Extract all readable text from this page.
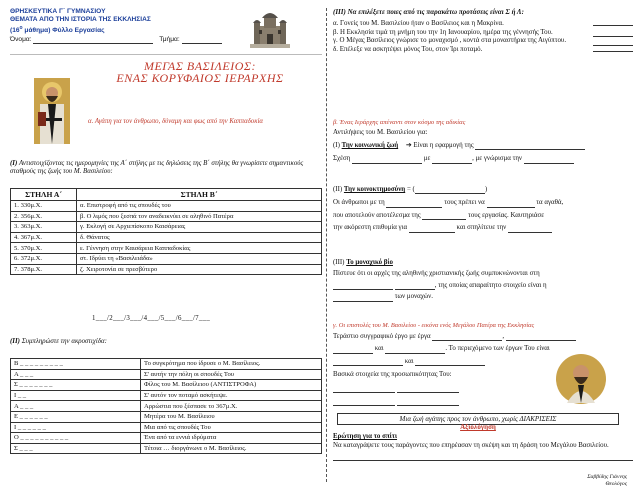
ΘΡΗΣΚΕΥΤΙΚΑ Γ΄ ΓΥΜΝΑΣΙΟΥ
ΘΕΜΑΤΑ ΑΠΟ ΤΗΝ ΙΣΤΟΡΙΑ ΤΗΣ ΕΚΚΛΗΣΙΑΣ
($16^o$ μάθημα) Φύλλο Εργασίας
Όνομα:	Τμήμα:
ΜΕΓΑΣ ΒΑΣΙΛΕΙΟΣ:
ΕΝΑΣ ΚΟΡΥΦΑΙΟΣ ΙΕΡΑΡΧΗΣ
α. Αγάπη για τον άνθρωπο, δύναμη και φως από την Καππαδοκία
(I) Αντιστοιχίζοντας τις ημερομηνίες της Α΄ στήλης με τις δηλώσεις της Β΄ στήλης θα γνωρίσετε σημαντικούς σταθμούς της ζωής του Μ. Βασιλείου:
ΣΤΗΛΗ Α΄	ΣΤΗΛΗ Β΄
1. 330μ.Χ.	α. Επιστροφή από τις σπουδές του
2. 356μ.Χ.	β. Ο λιμός που ξεσπά τον αναδεικνύει σε αληθινό Πατέρα
3. 363μ.Χ.	γ. Εκλογή σε Αρχιεπίσκοπο Καισάρειας
4. 367μ.Χ.	δ. Θάνατος
5. 370μ.Χ.	ε. Γέννηση στην Καισάρεια Καππαδοκίας
6. 372μ.Χ.	στ. Ιδρύει τη «Βασιλειάδα»
7. 378μ.Χ.	ζ. Χειροτονία σε πρεσβύτερο
1___/2___/3___/4___/5___/6___/7___
(II) Συμπληρώστε την ακροστιχίδα:
Β _ _ _ _ _ _ _ _ _	Το συγκρότημα που ίδρυσε ο Μ. Βασίλειος.
Α _ _ _	Σ' αυτήν την πόλη οι σπουδές Του
Σ _ _ _ _ _ _ _	Φίλος του Μ. Βασίλειου (ΑΝΤΙΣΤΡΟΦΑ)
Ι _ _	Σ' αυτόν τον ποταμό ασκήτεψε.
Α _ _ _	Αρρώστια που ξέσπασε το 367μ.Χ.
Ε _ _ _ _ _ _	Μητέρα του Μ. Βασίλειου
Ι _ _ _ _ _ _	Μια από τις σπουδές Του
Ο _ _ _ _ _ _ _ _ _ _	Ένα από τα εννιά ιδρύματα
Σ _ _ _	Τέτοια … διοργάνωνε ο Μ. Βασίλειος.
(III) Να επιλέξετε ποιες από τις παρακάτω προτάσεις είναι Σ ή Λ:
α. Γονείς του Μ. Βασιλείου ήταν ο Βασίλειος και η Μακρίνα.
β. Η Εκκλησία τιμά τη μνήμη του την 1η Ιανουαρίου, ημέρα της γέννησής Του.
γ. Ο Μέγας Βασίλειος γνώρισε το μοναχισμό , κοντά στα μοναστήρια της Αιγύπτου.
δ. Επέλεξε να ασκητέψει μόνος Του, στον Ίρι ποταμό.
β. Ένας Ιεράρχης απέναντι στον κόσμο της αδικίας
Αντιλήψεις του Μ. Βασιλείου για:
(I) Την κοινωνική ζωή ➔ Είναι η εφαρμογή της
Σχέση	με	, με γνώρισμα την
(II) Την κοινοκτημοσύνη = (	)
Οι άνθρωποι με τη	τους πρέπει να	τα αγαθά,
που αποτελούν αποτέλεσμα της	τους εργασίας. Καυτηριάσε
την ακόρεστη επιθυμία για	και σπηλίτευε την
(III) Το μοναχικό βίο
Πίστευε ότι οι αρχές της αληθινής χριστιανικής ζωής συμπυκνώνονται στη
, της οποίας απαραίτητο στοιχείο είναι η
των μοναχών.
γ. Οι επιστολές του Μ. Βασιλείου - εικόνα ενός Μεγάλου Πατέρα της Εκκλησίας
Τεράστιο συγγραφικό έργο με έργα	,
και	. Το περιεχόμενο των έργων Του είναι
και
Βασικά στοιχεία της προσωπικότητας Του:

Μια ζωή αγάπης προς τον άνθρωπο, χωρίς ΔΙΑΚΡΙΣΕΙΣ
Αξιολόγηση
Ερώτηση για το σπίτι
Να καταγράψετε τους παράγοντες που επηρέασαν τη σκέψη και τη δράση του Μεγάλου Βασιλείου.
Σαββίδης Γιάννης
Θεολόγος
